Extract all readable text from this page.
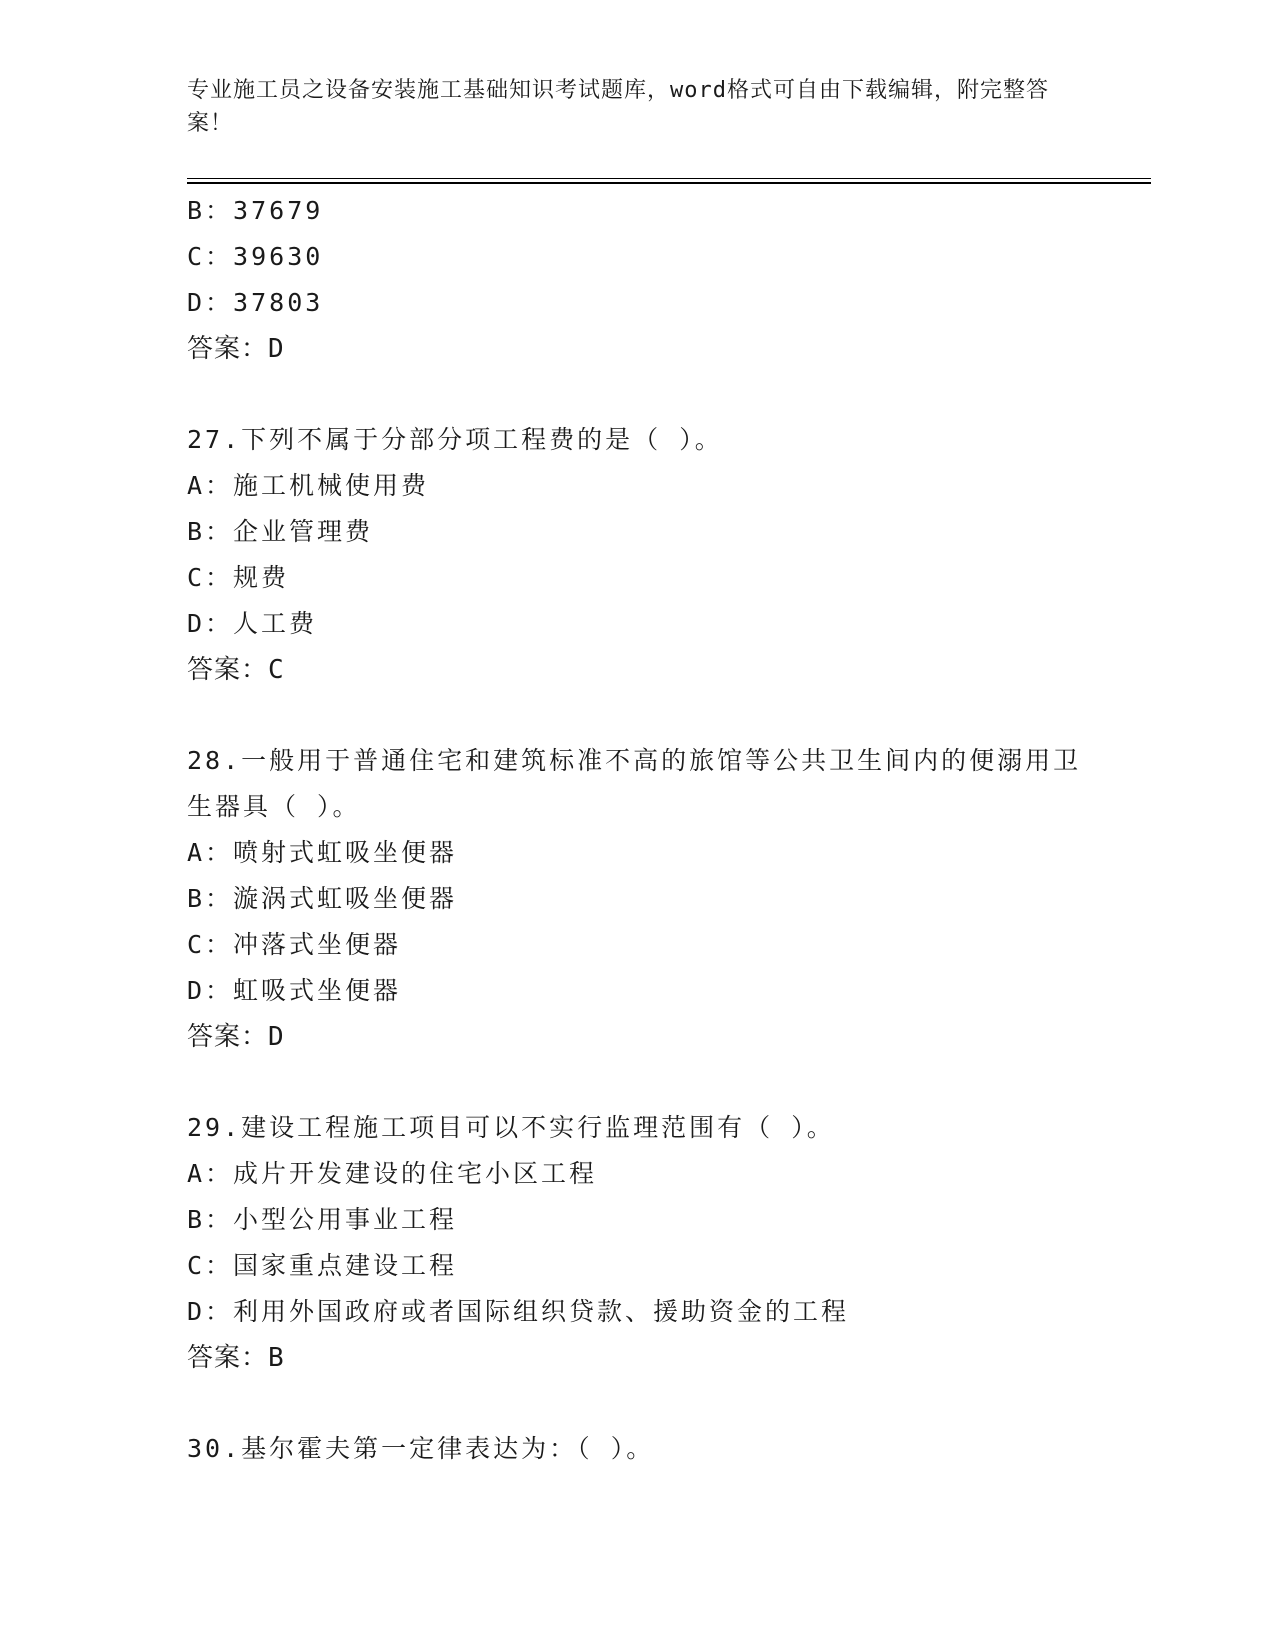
专业施工员之设备安装施工基础知识考试题库，word格式可自由下载编辑，附完整答案！
B：37679
C：39630
D：37803
答案：D
27.下列不属于分部分项工程费的是（ ）。
A：施工机械使用费
B：企业管理费
C：规费
D：人工费
答案：C
28.一般用于普通住宅和建筑标准不高的旅馆等公共卫生间内的便溺用卫生器具（ ）。
A：喷射式虹吸坐便器
B：漩涡式虹吸坐便器
C：冲落式坐便器
D：虹吸式坐便器
答案：D
29.建设工程施工项目可以不实行监理范围有（ ）。
A：成片开发建设的住宅小区工程
B：小型公用事业工程
C：国家重点建设工程
D：利用外国政府或者国际组织贷款、援助资金的工程
答案：B
30.基尔霍夫第一定律表达为：（ ）。
